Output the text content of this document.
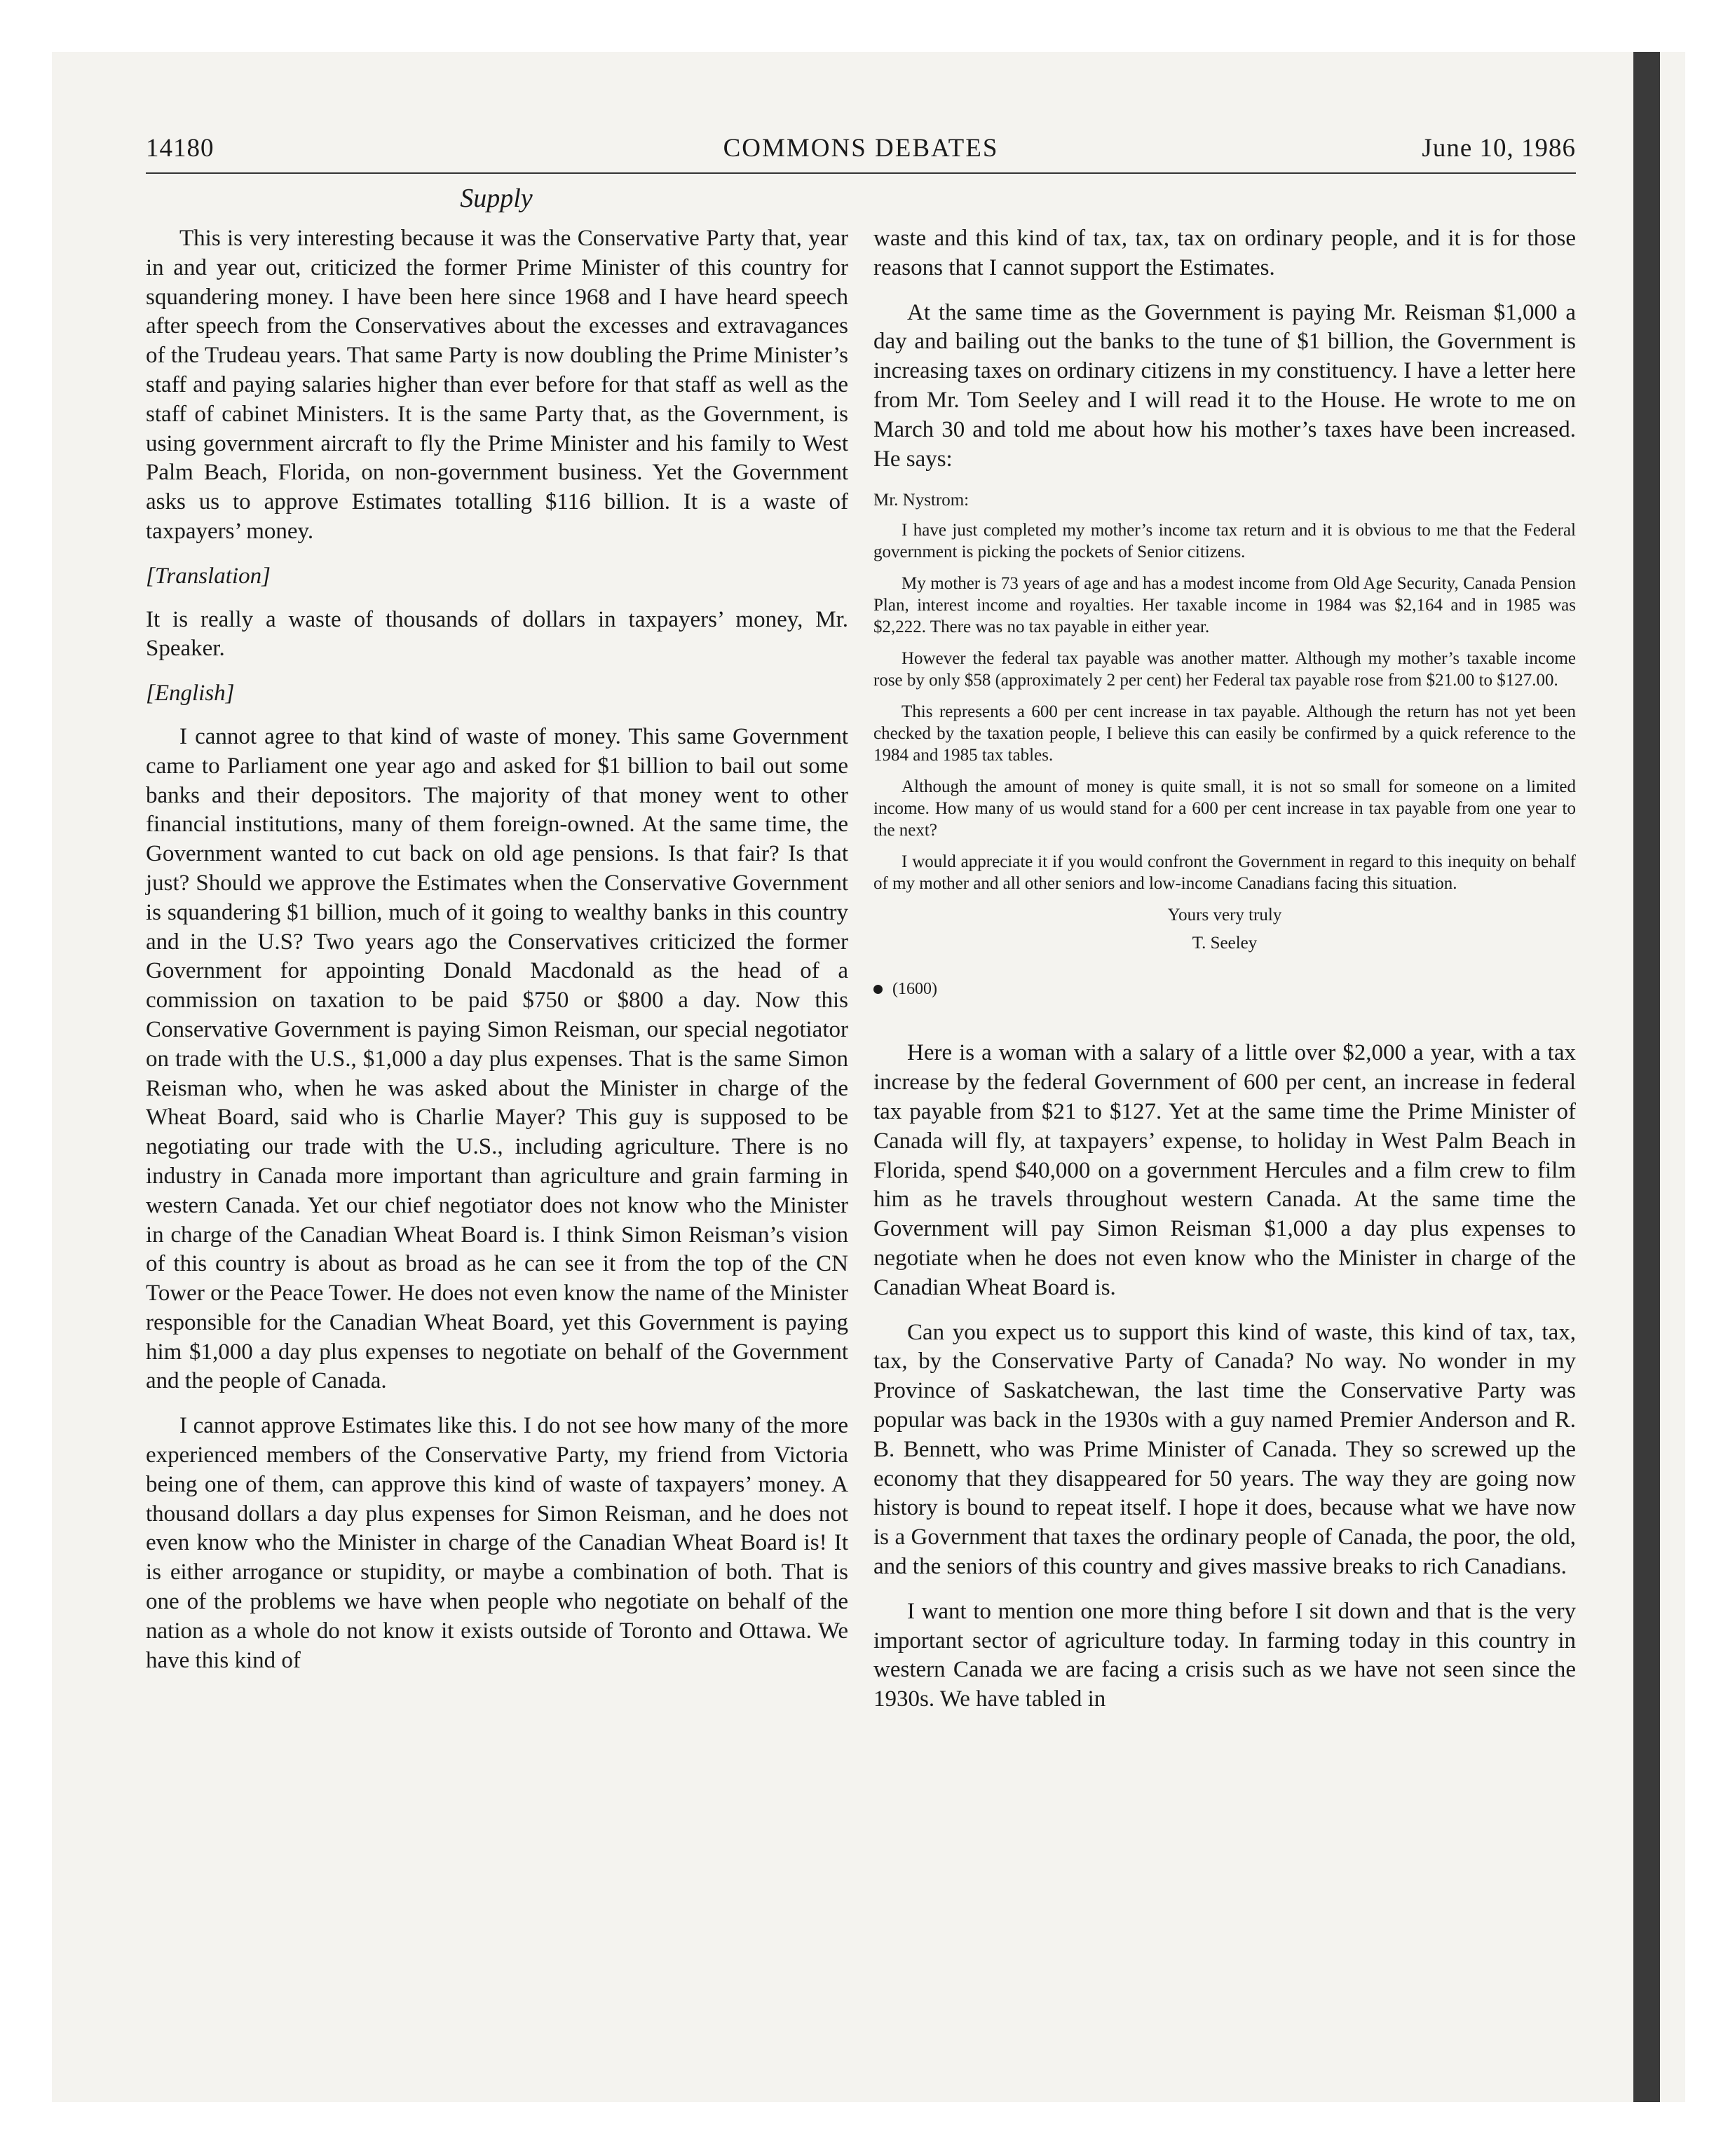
14180	COMMONS DEBATES	June 10, 1986
Supply

This is very interesting because it was the Conservative Party that, year in and year out, criticized the former Prime Minister of this country for squandering money. I have been here since 1968 and I have heard speech after speech from the Conservatives about the excesses and extravagances of the Trudeau years. That same Party is now doubling the Prime Minister’s staff and paying salaries higher than ever before for that staff as well as the staff of cabinet Ministers. It is the same Party that, as the Government, is using government aircraft to fly the Prime Minister and his family to West Palm Beach, Florida, on non-government business. Yet the Government asks us to approve Estimates totalling $116 billion. It is a waste of taxpayers’ money.

[Translation]

It is really a waste of thousands of dollars in taxpayers’ money, Mr. Speaker.

[English]

I cannot agree to that kind of waste of money. This same Government came to Parliament one year ago and asked for $1 billion to bail out some banks and their depositors. The majority of that money went to other financial institutions, many of them foreign-owned. At the same time, the Government wanted to cut back on old age pensions. Is that fair? Is that just? Should we approve the Estimates when the Conservative Government is squandering $1 billion, much of it going to wealthy banks in this country and in the U.S? Two years ago the Conservatives criticized the former Government for appointing Donald Macdonald as the head of a commission on taxation to be paid $750 or $800 a day. Now this Conservative Government is paying Simon Reisman, our special negotiator on trade with the U.S., $1,000 a day plus expenses. That is the same Simon Reisman who, when he was asked about the Minister in charge of the Wheat Board, said who is Charlie Mayer? This guy is supposed to be negotiating our trade with the U.S., including agriculture. There is no industry in Canada more important than agriculture and grain farming in western Canada. Yet our chief negotiator does not know who the Minister in charge of the Canadian Wheat Board is. I think Simon Reisman’s vision of this country is about as broad as he can see it from the top of the CN Tower or the Peace Tower. He does not even know the name of the Minister responsible for the Canadian Wheat Board, yet this Government is paying him $1,000 a day plus expenses to negotiate on behalf of the Government and the people of Canada.

I cannot approve Estimates like this. I do not see how many of the more experienced members of the Conservative Party, my friend from Victoria being one of them, can approve this kind of waste of taxpayers’ money. A thousand dollars a day plus expenses for Simon Reisman, and he does not even know who the Minister in charge of the Canadian Wheat Board is! It is either arrogance or stupidity, or maybe a combination of both. That is one of the problems we have when people who negotiate on behalf of the nation as a whole do not know it exists outside of Toronto and Ottawa. We have this kind of

waste and this kind of tax, tax, tax on ordinary people, and it is for those reasons that I cannot support the Estimates.

At the same time as the Government is paying Mr. Reisman $1,000 a day and bailing out the banks to the tune of $1 billion, the Government is increasing taxes on ordinary citizens in my constituency. I have a letter here from Mr. Tom Seeley and I will read it to the House. He wrote to me on March 30 and told me about how his mother’s taxes have been increased. He says:

Mr. Nystrom:

I have just completed my mother’s income tax return and it is obvious to me that the Federal government is picking the pockets of Senior citizens.

My mother is 73 years of age and has a modest income from Old Age Security, Canada Pension Plan, interest income and royalties. Her taxable income in 1984 was $2,164 and in 1985 was $2,222. There was no tax payable in either year.

However the federal tax payable was another matter. Although my mother’s taxable income rose by only $58 (approximately 2 per cent) her Federal tax payable rose from $21.00 to $127.00.

This represents a 600 per cent increase in tax payable. Although the return has not yet been checked by the taxation people, I believe this can easily be confirmed by a quick reference to the 1984 and 1985 tax tables.

Although the amount of money is quite small, it is not so small for someone on a limited income. How many of us would stand for a 600 per cent increase in tax payable from one year to the next?

I would appreciate it if you would confront the Government in regard to this inequity on behalf of my mother and all other seniors and low-income Canadians facing this situation.

Yours very truly
T. Seeley
(1600)

Here is a woman with a salary of a little over $2,000 a year, with a tax increase by the federal Government of 600 per cent, an increase in federal tax payable from $21 to $127. Yet at the same time the Prime Minister of Canada will fly, at taxpayers’ expense, to holiday in West Palm Beach in Florida, spend $40,000 on a government Hercules and a film crew to film him as he travels throughout western Canada. At the same time the Government will pay Simon Reisman $1,000 a day plus expenses to negotiate when he does not even know who the Minister in charge of the Canadian Wheat Board is.

Can you expect us to support this kind of waste, this kind of tax, tax, tax, by the Conservative Party of Canada? No way. No wonder in my Province of Saskatchewan, the last time the Conservative Party was popular was back in the 1930s with a guy named Premier Anderson and R. B. Bennett, who was Prime Minister of Canada. They so screwed up the economy that they disappeared for 50 years. The way they are going now history is bound to repeat itself. I hope it does, because what we have now is a Government that taxes the ordinary people of Canada, the poor, the old, and the seniors of this country and gives massive breaks to rich Canadians.

I want to mention one more thing before I sit down and that is the very important sector of agriculture today. In farming today in this country in western Canada we are facing a crisis such as we have not seen since the 1930s. We have tabled in
